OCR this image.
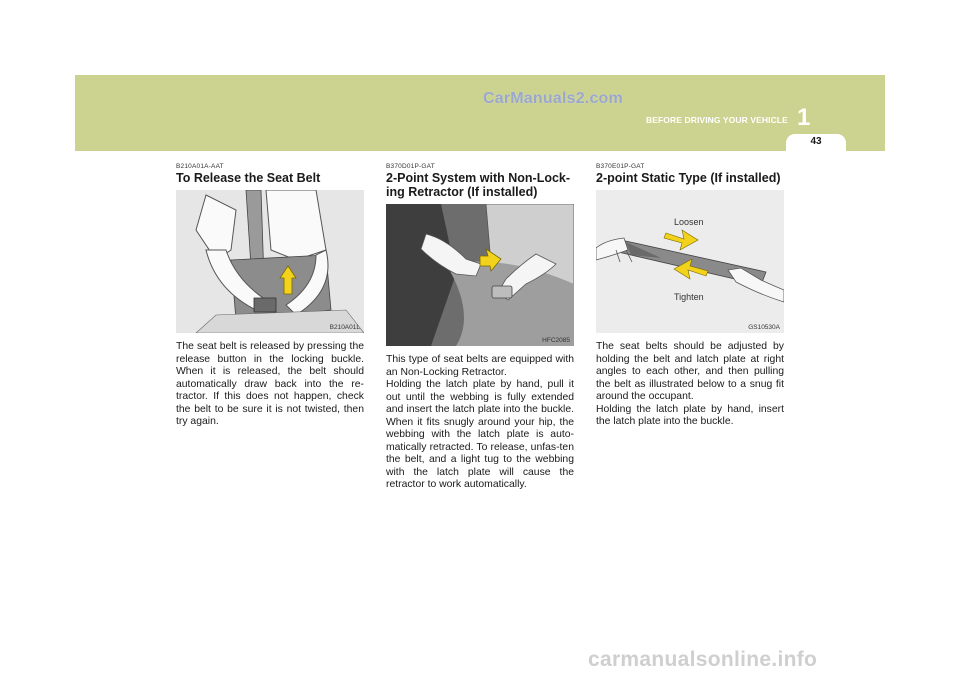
CarManuals2.com
BEFORE DRIVING YOUR VEHICLE 1
43
B210A01A-AAT
To Release the Seat Belt
B210A01L

The seat belt is released by pressing the release button in the locking buckle. When it is released, the belt should automatically draw back into the re-tractor. If this does not happen, check the belt to be sure it is not twisted, then try again.

B370D01P-GAT
2-Point System with Non-Lock-ing Retractor (If installed)
HFC2085

This type of seat belts are equipped with an Non-Locking Retractor.

Holding the latch plate by hand, pull it out until the webbing is fully extended and insert the latch plate into the buckle. When it fits snugly around your hip, the webbing with the latch plate is auto-matically retracted. To release, unfas-ten the belt, and a light tug to the webbing with the latch plate will cause the retractor to work automatically.

B370E01P-GAT
2-point Static Type (If installed)
Loosen
Tighten
GS10530A

The seat belts should be adjusted by holding the belt and latch plate at right angles to each other, and then pulling the belt as illustrated below to a snug fit around the occupant.

Holding the latch plate by hand, insert the latch plate into the buckle.

carmanualsonline.info
